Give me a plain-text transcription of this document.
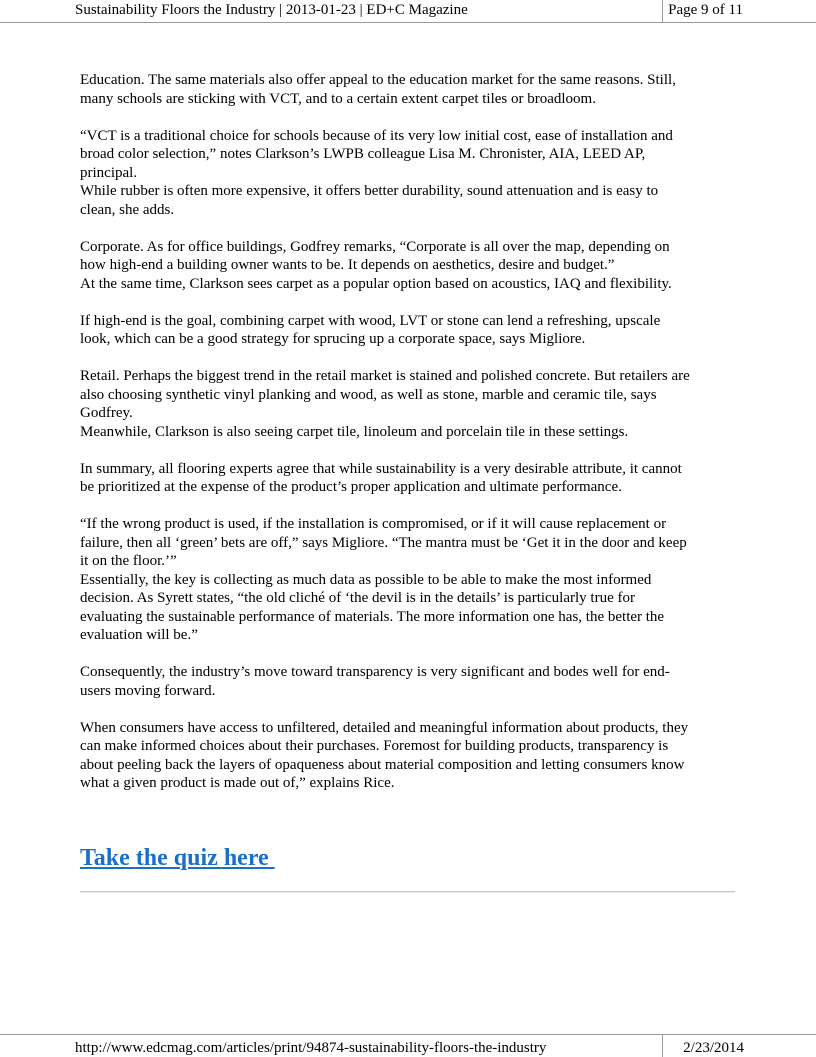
Sustainability Floors the Industry | 2013-01-23 | ED+C Magazine	Page 9 of 11

Education. The same materials also offer appeal to the education market for the same reasons. Still,
many schools are sticking with VCT, and to a certain extent carpet tiles or broadloom.

“VCT is a traditional choice for schools because of its very low initial cost, ease of installation and
broad color selection,” notes Clarkson’s LWPB colleague Lisa M. Chronister, AIA, LEED AP,
principal.
While rubber is often more expensive, it offers better durability, sound attenuation and is easy to
clean, she adds.

Corporate. As for office buildings, Godfrey remarks, “Corporate is all over the map, depending on
how high-end a building owner wants to be. It depends on aesthetics, desire and budget.”
At the same time, Clarkson sees carpet as a popular option based on acoustics, IAQ and flexibility.

If high-end is the goal, combining carpet with wood, LVT or stone can lend a refreshing, upscale
look, which can be a good strategy for sprucing up a corporate space, says Migliore.

Retail. Perhaps the biggest trend in the retail market is stained and polished concrete. But retailers are
also choosing synthetic vinyl planking and wood, as well as stone, marble and ceramic tile, says
Godfrey.
Meanwhile, Clarkson is also seeing carpet tile, linoleum and porcelain tile in these settings.

In summary, all flooring experts agree that while sustainability is a very desirable attribute, it cannot
be prioritized at the expense of the product’s proper application and ultimate performance.

“If the wrong product is used, if the installation is compromised, or if it will cause replacement or
failure, then all ‘green’ bets are off,” says Migliore. “The mantra must be ‘Get it in the door and keep
it on the floor.’”
Essentially, the key is collecting as much data as possible to be able to make the most informed
decision. As Syrett states, “the old cliché of ‘the devil is in the details’ is particularly true for
evaluating the sustainable performance of materials. The more information one has, the better the
evaluation will be.”

Consequently, the industry’s move toward transparency is very significant and bodes well for end-
users moving forward.

When consumers have access to unfiltered, detailed and meaningful information about products, they
can make informed choices about their purchases. Foremost for building products, transparency is
about peeling back the layers of opaqueness about material composition and letting consumers know
what a given product is made out of,” explains Rice.

Take the quiz here
http://www.edcmag.com/articles/print/94874-sustainability-floors-the-industry	2/23/2014
